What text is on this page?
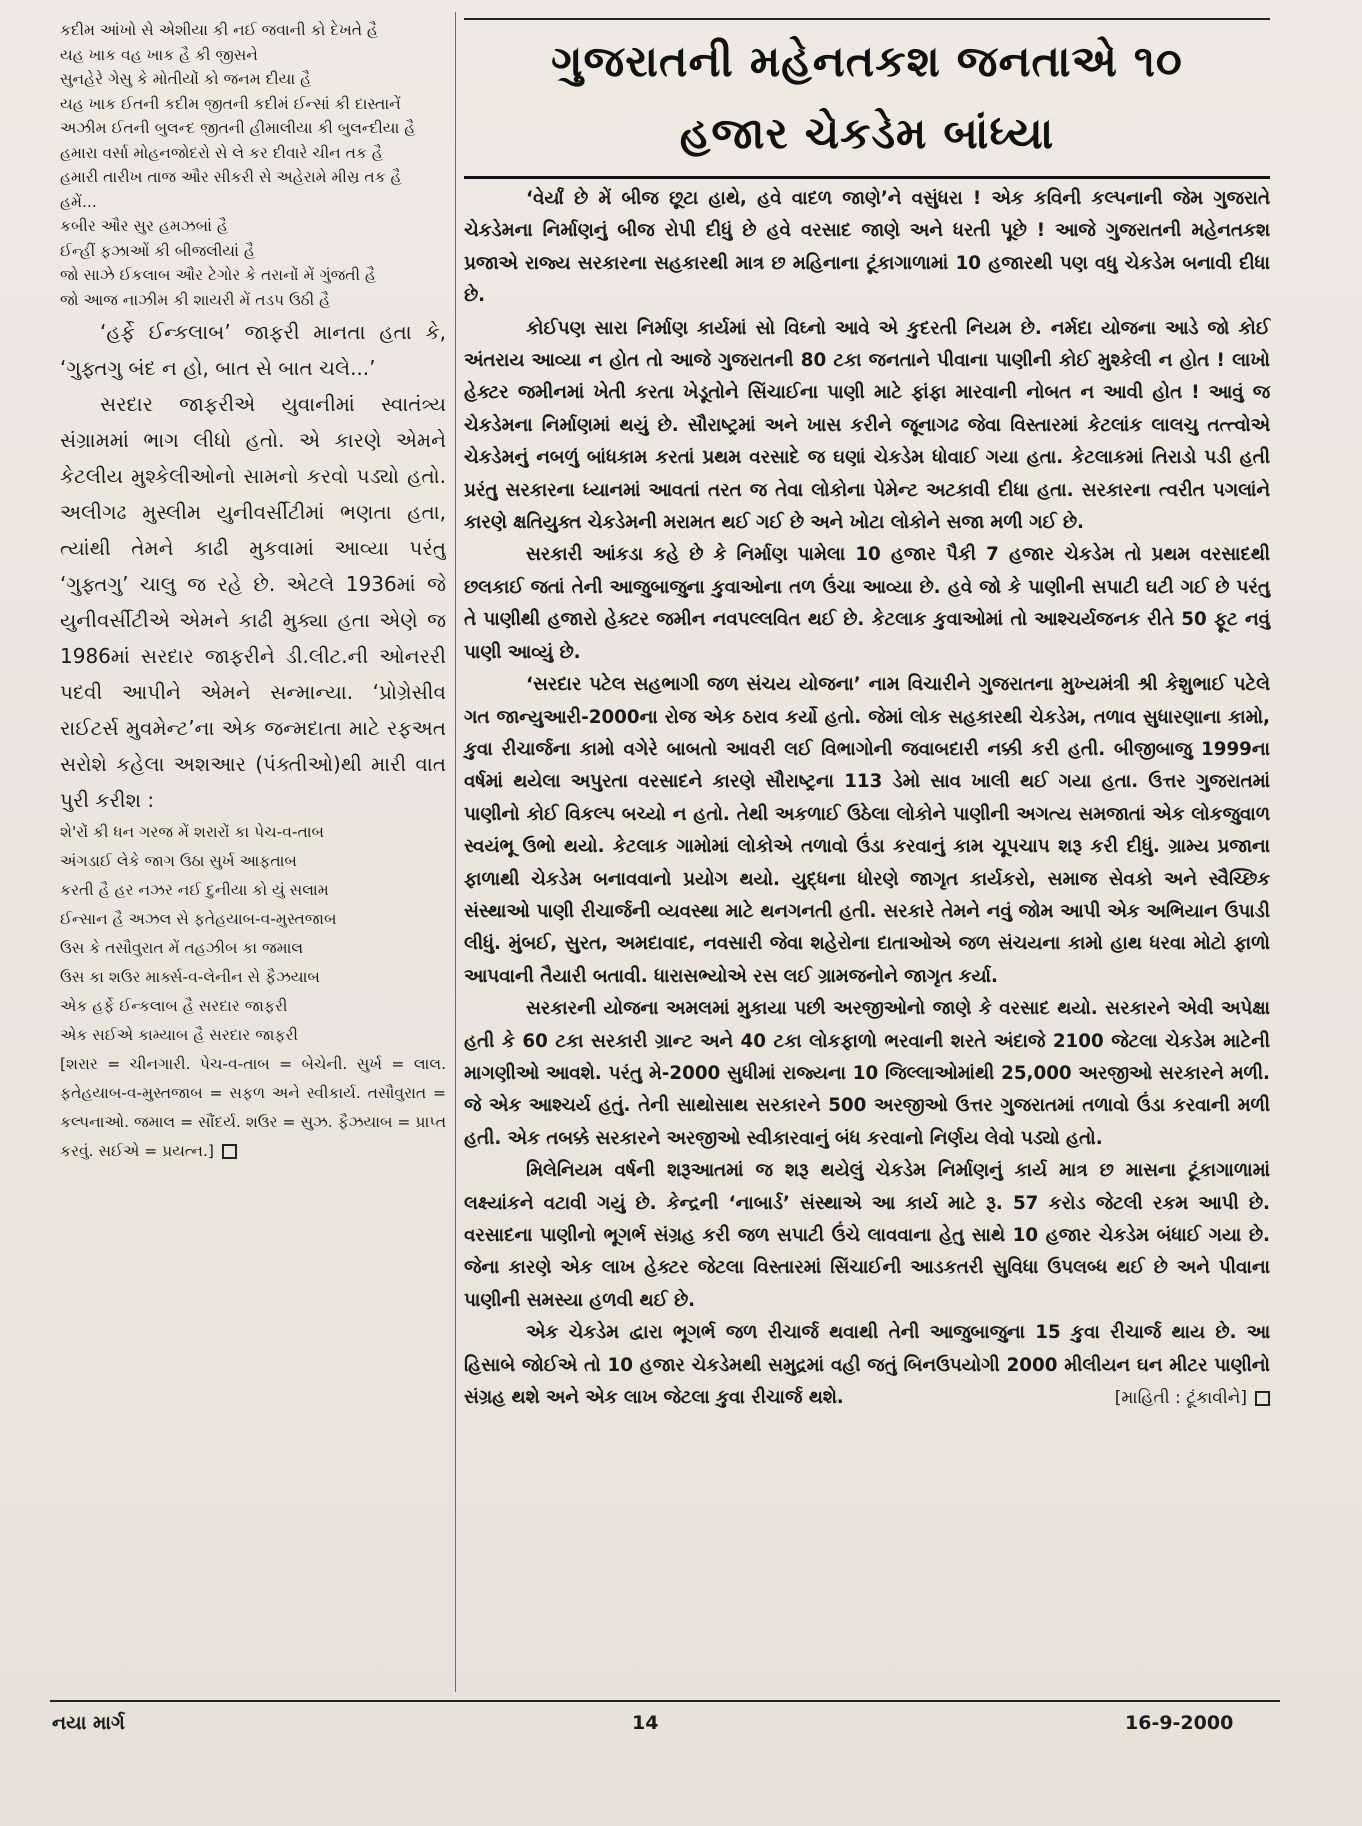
કદીમ આંખો સે એશીયા કી નઈ જવાની કો દેખતે હૈ
યહ ખાક વહ ખાક હૈ કી જીસને
સુનહેરે ગેસુ કે મોતીયોં કો જનમ દીયા હૈ
યહ ખાક ઈતની કદીમ જીતની કદીમં ઈન્સાં કી દાસ્તાનેં
અઝીમ ઈતની બુલન્દ જીતની હીમાલીયા કી બુલન્દીયા હૈ
હમારા વર્સા મોહનજોદરો સે લે કર દીવારે ચીન તક હૈ
હમારી તારીખ તાજ ઔર સીકરી સે અહેરામે મીસ્ર તક હૈ
હમેં...
કબીર ઔર સુર હમઝબાં હૈ
ઈન્હીં ફઝાઓં કી બીજલીયાં હૈ
જો સાઝે ઈકલાબ ઔર ટેગોર કે તરાનોં મેં ગુંજતી હૈ
જો આજ નાઝીમ કી શાયરી મેં તડપ ઉઠી હૈ

‘હર્ફે ઈન્કલાબ’ જાફરી માનતા હતા કે, ‘ગુફ્તગુ બંદ ન હો, બાત સે બાત ચલે...’

સરદાર જાફરીએ યુવાનીમાં સ્વાતંત્ર્ય સંગ્રામમાં ભાગ લીધો હતો. એ કારણે એમને કેટલીય મુશ્કેલીઓનો સામનો કરવો પડ્યો હતો. અલીગઢ મુસ્લીમ યુનીવર્સીટીમાં ભણતા હતા, ત્યાંથી તેમને કાઢી મુકવામાં આવ્યા પરંતુ ‘ગુફ્તગુ’ ચાલુ જ રહે છે. એટલે 1936માં જે યુનીવર્સીટીએ એમને કાઢી મુક્યા હતા એણે જ 1986માં સરદાર જાફરીને ડી.લીટ.ની ઓનરરી પદવી આપીને એમને સન્માન્યા. ‘પ્રોગ્રેસીવ રાઈટર્સ મુવમેન્ટ’ના એક જન્મદાતા માટે રફઅત સરોશે કહેલા અશઆર (પંક્તીઓ)થી મારી વાત પુરી કરીશ :

શે'રોં કી ધન ગરજ મેં શરારોં કા પેચ-વ-તાબ
અંગડાઈ લેકે જાગ ઉઠા સુર્ખ આફતાબ
કરતી હૈ હર નઝર નઈ દુનીયા કો યું સલામ
ઈન્સાન હૈ અઝલ સે ફતેહયાબ-વ-મુસ્તજાબ
ઉસ કે તસૌવુરાત મેં તહઝીબ કા જમાલ
ઉસ કા શઉર માર્ક્સ-વ-લેનીન સે ફૈઝયાબ
એક હર્ફે ઈન્કલાબ હૈ સરદાર જાફરી
એક સઈએ કામ્યાબ હૈ સરદાર જાફરી
[શરાર = ચીનગારી. પેચ-વ-તાબ = બેચેની. સુર્ખ = લાલ. ફતેહયાબ-વ-મુસ્તજાબ = સફળ અને સ્વીકાર્ય. તસૌવુરાત = કલ્પનાઓ. જમાલ = સૌંદર્ય. શઉર = સુઝ. ફૈઝયાબ = પ્રાપ્ત કરવું. સઈએ = પ્રયત્ન.]
ગુજરાતની મહેનતકશ જનતાએ ૧૦
હજાર ચેકડેમ બાંધ્યા

‘વેર્યાં છે મેં બીજ છૂટા હાથે, હવે વાદળ જાણે’ને વસુંધરા ! એક કવિની કલ્પનાની જેમ ગુજરાતે ચેકડેમના નિર્માણનું બીજ રોપી દીધું છે હવે વરસાદ જાણે અને ધરતી પૂછે ! આજે ગુજરાતની મહેનતકશ પ્રજાએ રાજ્ય સરકારના સહકારથી માત્ર છ મહિનાના ટૂંકાગાળામાં 10 હજારથી પણ વધુ ચેકડેમ બનાવી દીધા છે.

કોઈપણ સારા નિર્માણ કાર્યમાં સો વિઘ્નો આવે એ કુદરતી નિયમ છે. નર્મદા યોજના આડે જો કોઈ અંતરાય આવ્યા ન હોત તો આજે ગુજરાતની 80 ટકા જનતાને પીવાના પાણીની કોઈ મુશ્કેલી ન હોત ! લાખો હેક્ટર જમીનમાં ખેતી કરતા ખેડૂતોને સિંચાઈના પાણી માટે ફાંફા મારવાની નોબત ન આવી હોત ! આવું જ ચેકડેમના નિર્માણમાં થયું છે. સૌરાષ્ટ્રમાં અને ખાસ કરીને જૂનાગઢ જેવા વિસ્તારમાં કેટલાંક લાલચુ તત્ત્વોએ ચેકડેમનું નબળું બાંધકામ કરતાં પ્રથમ વરસાદે જ ઘણાં ચેકડેમ ધોવાઈ ગયા હતા. કેટલાકમાં તિરાડો પડી હતી પ્રરંતુ સરકારના ધ્યાનમાં આવતાં તરત જ તેવા લોકોના પેમેન્ટ અટકાવી દીધા હતા. સરકારના ત્વરીત પગલાંને કારણે ક્ષતિયુક્ત ચેકડેમની મરામત થઈ ગઈ છે અને ખોટા લોકોને સજા મળી ગઈ છે.

સરકારી આંકડા કહે છે કે નિર્માણ પામેલા 10 હજાર પૈકી 7 હજાર ચેકડેમ તો પ્રથમ વરસાદથી છલકાઈ જતાં તેની આજુબાજુના કુવાઓના તળ ઉંચા આવ્યા છે. હવે જો કે પાણીની સપાટી ઘટી ગઈ છે પરંતુ તે પાણીથી હજારો હેક્ટર જમીન નવપલ્લવિત થઈ છે. કેટલાક કુવાઓમાં તો આશ્ચર્યજનક રીતે 50 ફૂટ નવું પાણી આવ્યું છે.

‘સરદાર પટેલ સહભાગી જળ સંચય યોજના’ નામ વિચારીને ગુજરાતના મુખ્યમંત્રી શ્રી કેશુભાઈ પટેલે ગત જાન્યુઆરી-2000ના રોજ એક ઠરાવ કર્યો હતો. જેમાં લોક સહકારથી ચેકડેમ, તળાવ સુધારણાના કામો, કુવા રીચાર્જના કામો વગેરે બાબતો આવરી લઈ વિભાગોની જવાબદારી નક્કી કરી હતી. બીજીબાજુ 1999ના વર્ષમાં થયેલા અપુરતા વરસાદને કારણે સૌરાષ્ટ્રના 113 ડેમો સાવ ખાલી થઈ ગયા હતા. ઉત્તર ગુજરાતમાં પાણીનો કોઈ વિકલ્પ બચ્યો ન હતો. તેથી અકળાઈ ઉઠેલા લોકોને પાણીની અગત્ય સમજાતાં એક લોકજુવાળ સ્વયંભૂ ઉભો થયો. કેટલાક ગામોમાં લોકોએ તળાવો ઉંડા કરવાનું કામ ચૂપચાપ શરૂ કરી દીધું. ગ્રામ્ય પ્રજાના ફાળાથી ચેકડેમ બનાવવાનો પ્રયોગ થયો. યુદ્ધના ધોરણે જાગૃત કાર્યકરો, સમાજ સેવકો અને સ્વૈચ્છિક સંસ્થાઓ પાણી રીચાર્જની વ્યવસ્થા માટે થનગનતી હતી. સરકારે તેમને નવું જોમ આપી એક અભિયાન ઉપાડી લીધું. મુંબઈ, સુરત, અમદાવાદ, નવસારી જેવા શહેરોના દાતાઓએ જળ સંચયના કામો હાથ ધરવા મોટો ફાળો આપવાની તૈયારી બતાવી. ધારાસભ્યોએ રસ લઈ ગ્રામજનોને જાગૃત કર્યા.

સરકારની યોજના અમલમાં મુકાયા પછી અરજીઓનો જાણે કે વરસાદ થયો. સરકારને એવી અપેક્ષા હતી કે 60 ટકા સરકારી ગ્રાન્ટ અને 40 ટકા લોકફાળો ભરવાની શરતે અંદાજે 2100 જેટલા ચેકડેમ માટેની માગણીઓ આવશે. પરંતુ મે-2000 સુધીમાં રાજ્યના 10 જિલ્લાઓમાંથી 25,000 અરજીઓ સરકારને મળી. જે એક આશ્ચર્ય હતું. તેની સાથોસાથ સરકારને 500 અરજીઓ ઉત્તર ગુજરાતમાં તળાવો ઉંડા કરવાની મળી હતી. એક તબક્કે સરકારને અરજીઓ સ્વીકારવાનું બંધ કરવાનો નિર્ણય લેવો પડ્યો હતો.

મિલેનિયમ વર્ષની શરૂઆતમાં જ શરૂ થયેલું ચેકડેમ નિર્માણનું કાર્ય માત્ર છ માસના ટૂંકાગાળામાં લક્ષ્યાંકને વટાવી ગયું છે. કેન્દ્રની ‘નાબાર્ડ’ સંસ્થાએ આ કાર્ય માટે રૂ. 57 કરોડ જેટલી રકમ આપી છે. વરસાદના પાણીનો ભૂગર્ભ સંગ્રહ કરી જળ સપાટી ઉંચે લાવવાના હેતુ સાથે 10 હજાર ચેકડેમ બંધાઈ ગયા છે. જેના કારણે એક લાખ હેક્ટર જેટલા વિસ્તારમાં સિંચાઈની આડકતરી સુવિધા ઉપલબ્ધ થઈ છે અને પીવાના પાણીની સમસ્યા હળવી થઈ છે.

એક ચેકડેમ દ્વારા ભૂગર્ભ જળ રીચાર્જ થવાથી તેની આજુબાજુના 15 કુવા રીચાર્જ થાય છે. આ હિસાબે જોઈએ તો 10 હજાર ચેકડેમથી સમુદ્રમાં વહી જતું બિનઉપયોગી 2000 મીલીયન ઘન મીટર પાણીનો સંગ્રહ થશે અને એક લાખ જેટલા કુવા રીચાર્જ થશે.	[માહિતી : ટૂંકાવીને]

નયા માર્ગ	14	16-9-2000
